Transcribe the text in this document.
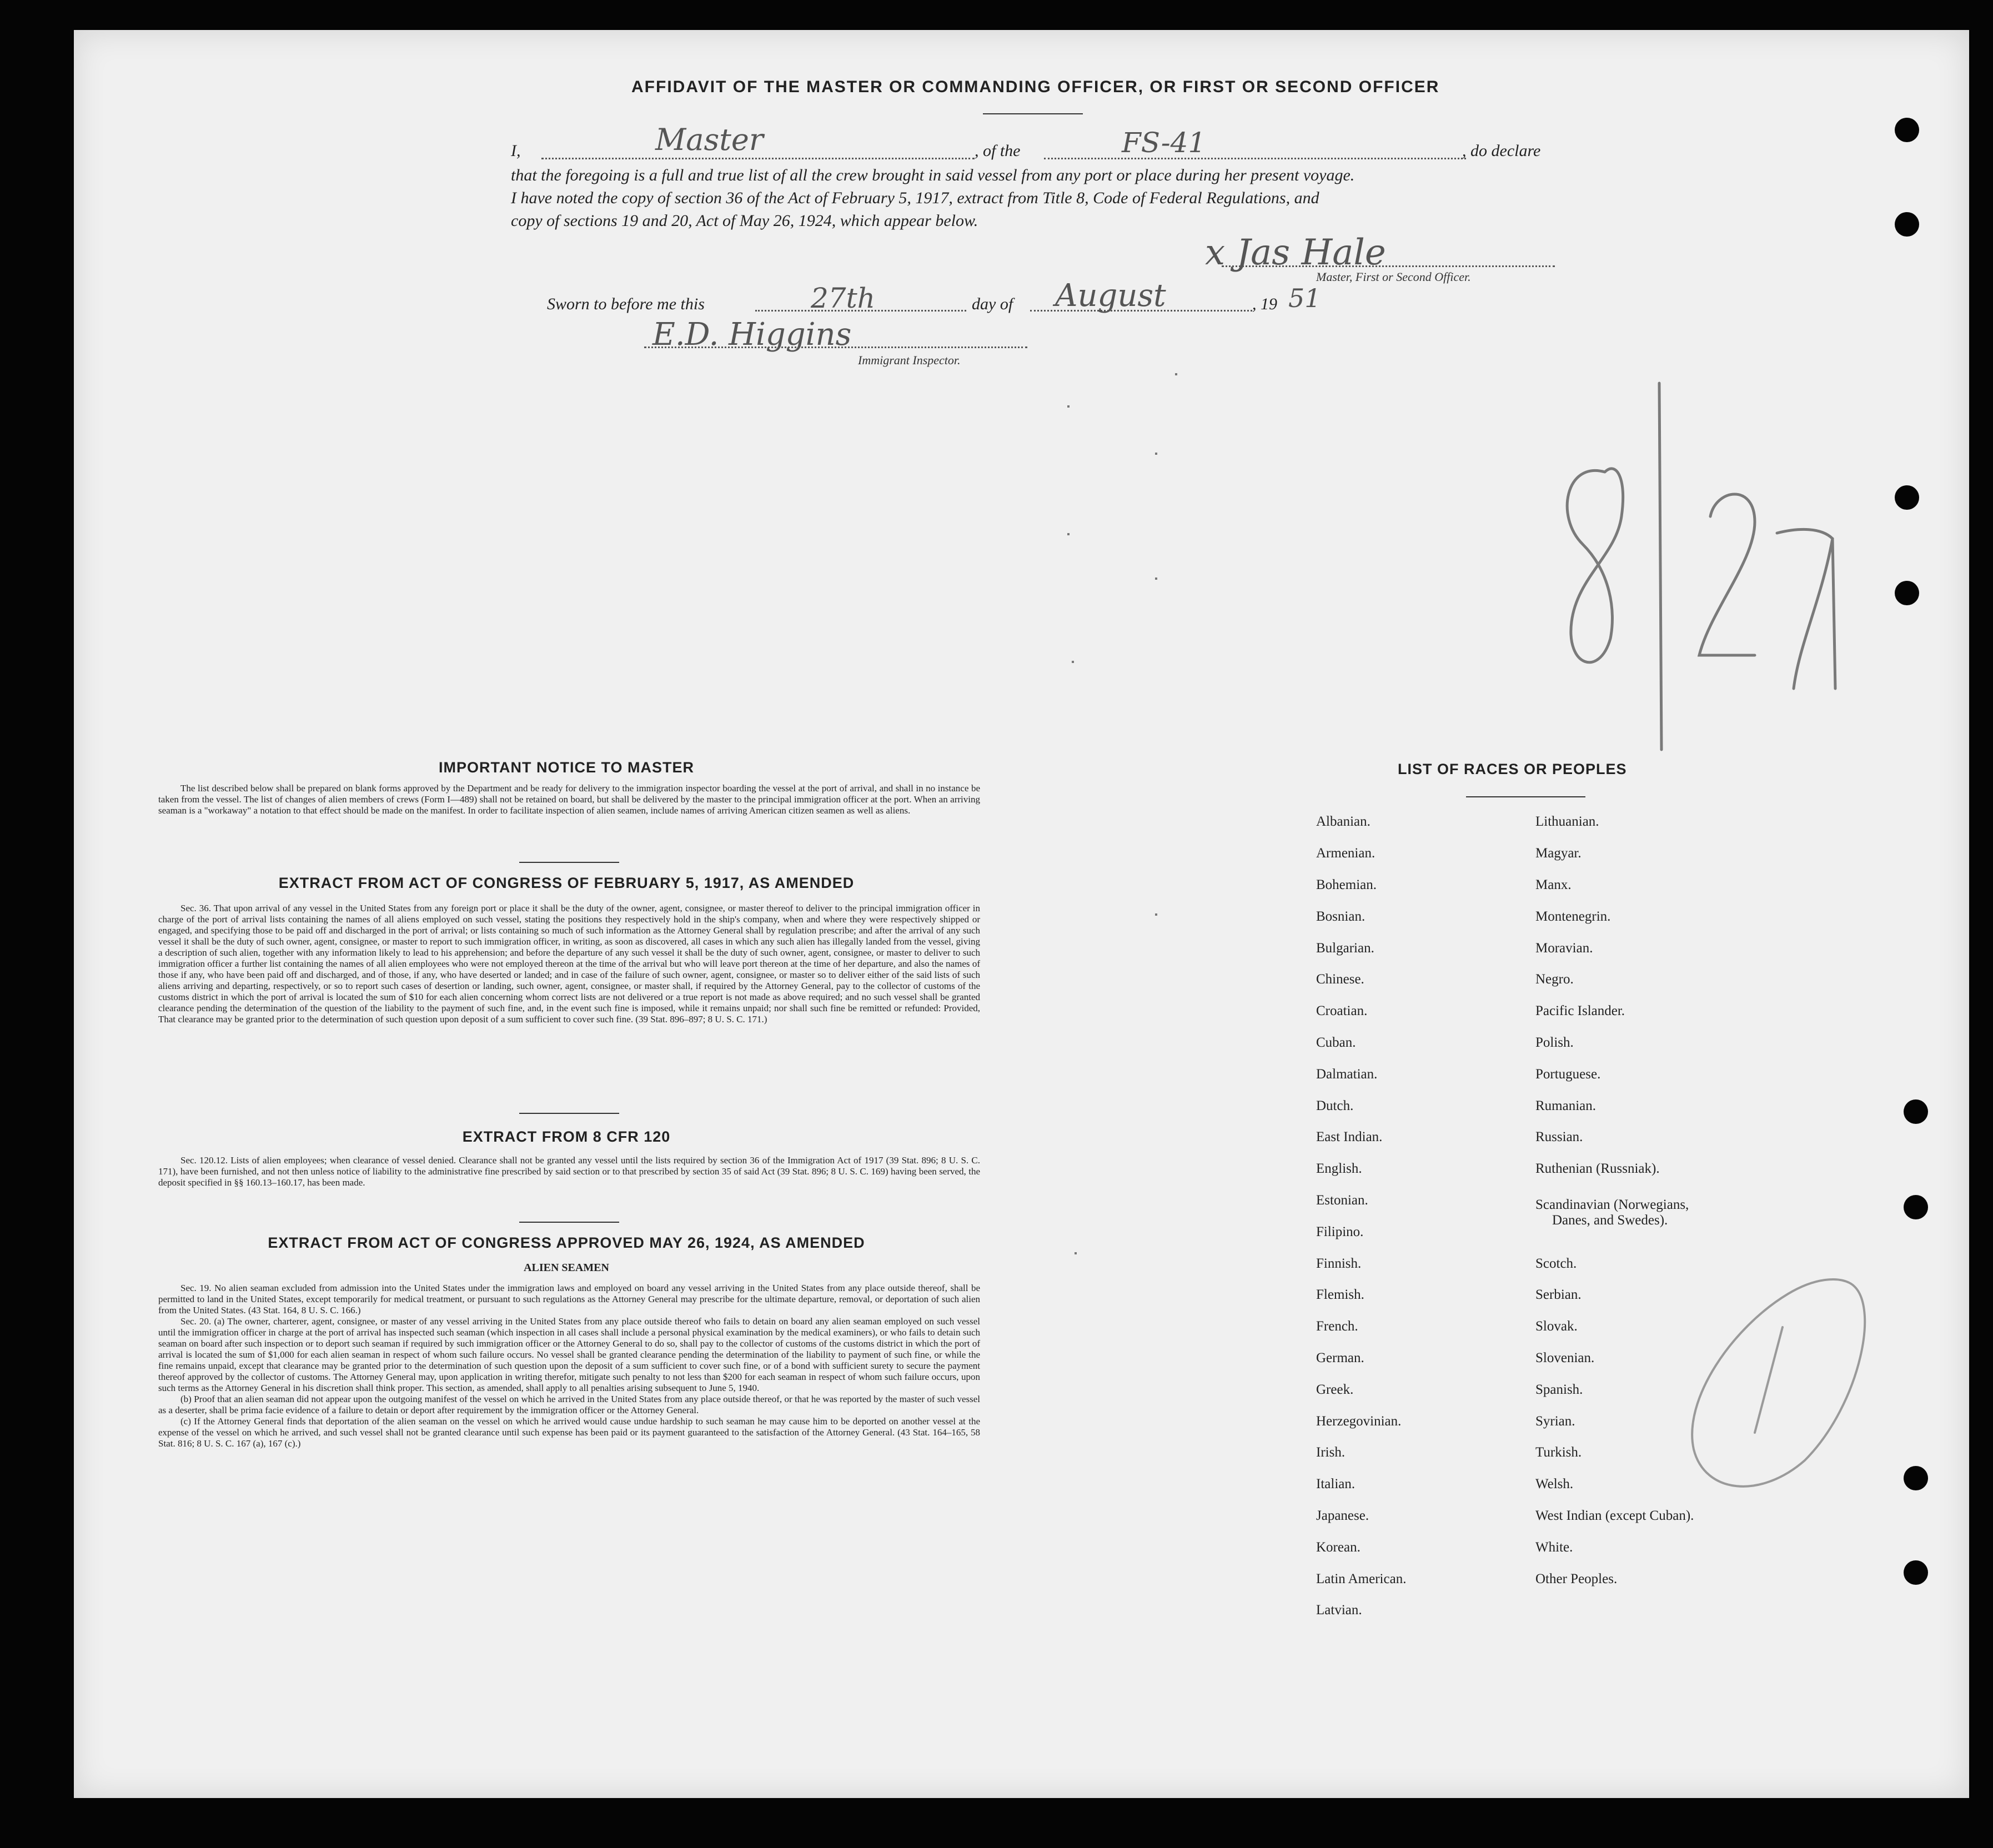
AFFIDAVIT OF THE MASTER OR COMMANDING OFFICER, OR FIRST OR SECOND OFFICER
I,	Master	, of the	FS-41	, do declare
that the foregoing is a full and true list of all the crew brought in said vessel from any port or place during her present voyage.
I have noted the copy of section 36 of the Act of February 5, 1917, extract from Title 8, Code of Federal Regulations, and
copy of sections 19 and 20, Act of May 26, 1924, which appear below.
x Jas Hale
Master, First or Second Officer.
Sworn to before me this	27th	day of August	, 19 51
E.D. Higgins
Immigrant Inspector.
IMPORTANT NOTICE TO MASTER

The list described below shall be prepared on blank forms approved by the Department and be ready for delivery to the immigration inspector boarding the vessel at the port of arrival, and shall in no instance be taken from the vessel. The list of changes of alien members of crews (Form I—489) shall not be retained on board, but shall be delivered by the master to the principal immigration officer at the port. When an arriving seaman is a "workaway" a notation to that effect should be made on the manifest. In order to facilitate inspection of alien seamen, include names of arriving American citizen seamen as well as aliens.

EXTRACT FROM ACT OF CONGRESS OF FEBRUARY 5, 1917, AS AMENDED

Sec. 36. That upon arrival of any vessel in the United States from any foreign port or place it shall be the duty of the owner, agent, consignee, or master thereof to deliver to the principal immigration officer in charge of the port of arrival lists containing the names of all aliens employed on such vessel, stating the positions they respectively hold in the ship's company, when and where they were respectively shipped or engaged, and specifying those to be paid off and discharged in the port of arrival; or lists containing so much of such information as the Attorney General shall by regulation prescribe; and after the arrival of any such vessel it shall be the duty of such owner, agent, consignee, or master to report to such immigration officer, in writing, as soon as discovered, all cases in which any such alien has illegally landed from the vessel, giving a description of such alien, together with any information likely to lead to his apprehension; and before the departure of any such vessel it shall be the duty of such owner, agent, consignee, or master to deliver to such immigration officer a further list containing the names of all alien employees who were not employed thereon at the time of the arrival but who will leave port thereon at the time of her departure, and also the names of those if any, who have been paid off and discharged, and of those, if any, who have deserted or landed; and in case of the failure of such owner, agent, consignee, or master so to deliver either of the said lists of such aliens arriving and departing, respectively, or so to report such cases of desertion or landing, such owner, agent, consignee, or master shall, if required by the Attorney General, pay to the collector of customs of the customs district in which the port of arrival is located the sum of $10 for each alien concerning whom correct lists are not delivered or a true report is not made as above required; and no such vessel shall be granted clearance pending the determination of the question of the liability to the payment of such fine, and, in the event such fine is imposed, while it remains unpaid; nor shall such fine be remitted or refunded: Provided, That clearance may be granted prior to the determination of such question upon deposit of a sum sufficient to cover such fine. (39 Stat. 896–897; 8 U. S. C. 171.)

EXTRACT FROM 8 CFR 120

Sec. 120.12. Lists of alien employees; when clearance of vessel denied. Clearance shall not be granted any vessel until the lists required by section 36 of the Immigration Act of 1917 (39 Stat. 896; 8 U. S. C. 171), have been furnished, and not then unless notice of liability to the administrative fine prescribed by said section or to that prescribed by section 35 of said Act (39 Stat. 896; 8 U. S. C. 169) having been served, the deposit specified in §§ 160.13–160.17, has been made.

EXTRACT FROM ACT OF CONGRESS APPROVED MAY 26, 1924, AS AMENDED
ALIEN SEAMEN

Sec. 19. No alien seaman excluded from admission into the United States under the immigration laws and employed on board any vessel arriving in the United States from any place outside thereof, shall be permitted to land in the United States, except temporarily for medical treatment, or pursuant to such regulations as the Attorney General may prescribe for the ultimate departure, removal, or deportation of such alien from the United States. (43 Stat. 164, 8 U. S. C. 166.)

Sec. 20. (a) The owner, charterer, agent, consignee, or master of any vessel arriving in the United States from any place outside thereof who fails to detain on board any alien seaman employed on such vessel until the immigration officer in charge at the port of arrival has inspected such seaman (which inspection in all cases shall include a personal physical examination by the medical examiners), or who fails to detain such seaman on board after such inspection or to deport such seaman if required by such immigration officer or the Attorney General to do so, shall pay to the collector of customs of the customs district in which the port of arrival is located the sum of $1,000 for each alien seaman in respect of whom such failure occurs. No vessel shall be granted clearance pending the determination of the liability to payment of such fine, or while the fine remains unpaid, except that clearance may be granted prior to the determination of such question upon the deposit of a sum sufficient to cover such fine, or of a bond with sufficient surety to secure the payment thereof approved by the collector of customs. The Attorney General may, upon application in writing therefor, mitigate such penalty to not less than $200 for each seaman in respect of whom such failure occurs, upon such terms as the Attorney General in his discretion shall think proper. This section, as amended, shall apply to all penalties arising subsequent to June 5, 1940.

(b) Proof that an alien seaman did not appear upon the outgoing manifest of the vessel on which he arrived in the United States from any place outside thereof, or that he was reported by the master of such vessel as a deserter, shall be prima facie evidence of a failure to detain or deport after requirement by the immigration officer or the Attorney General.

(c) If the Attorney General finds that deportation of the alien seaman on the vessel on which he arrived would cause undue hardship to such seaman he may cause him to be deported on another vessel at the expense of the vessel on which he arrived, and such vessel shall not be granted clearance until such expense has been paid or its payment guaranteed to the satisfaction of the Attorney General. (43 Stat. 164–165, 58 Stat. 816; 8 U. S. C. 167 (a), 167 (c).)

LIST OF RACES OR PEOPLES
Albanian.
Armenian.
Bohemian.
Bosnian.
Bulgarian.
Chinese.
Croatian.
Cuban.
Dalmatian.
Dutch.
East Indian.
English.
Estonian.
Filipino.
Finnish.
Flemish.
French.
German.
Greek.
Herzegovinian.
Irish.
Italian.
Japanese.
Korean.
Latin American.
Latvian.
Lithuanian.
Magyar.
Manx.
Montenegrin.
Moravian.
Negro.
Pacific Islander.
Polish.
Portuguese.
Rumanian.
Russian.
Ruthenian (Russniak).
Scandinavian (Norwegians,
Danes, and Swedes).
Scotch.
Serbian.
Slovak.
Slovenian.
Spanish.
Syrian.
Turkish.
Welsh.
West Indian (except Cuban).
White.
Other Peoples.
